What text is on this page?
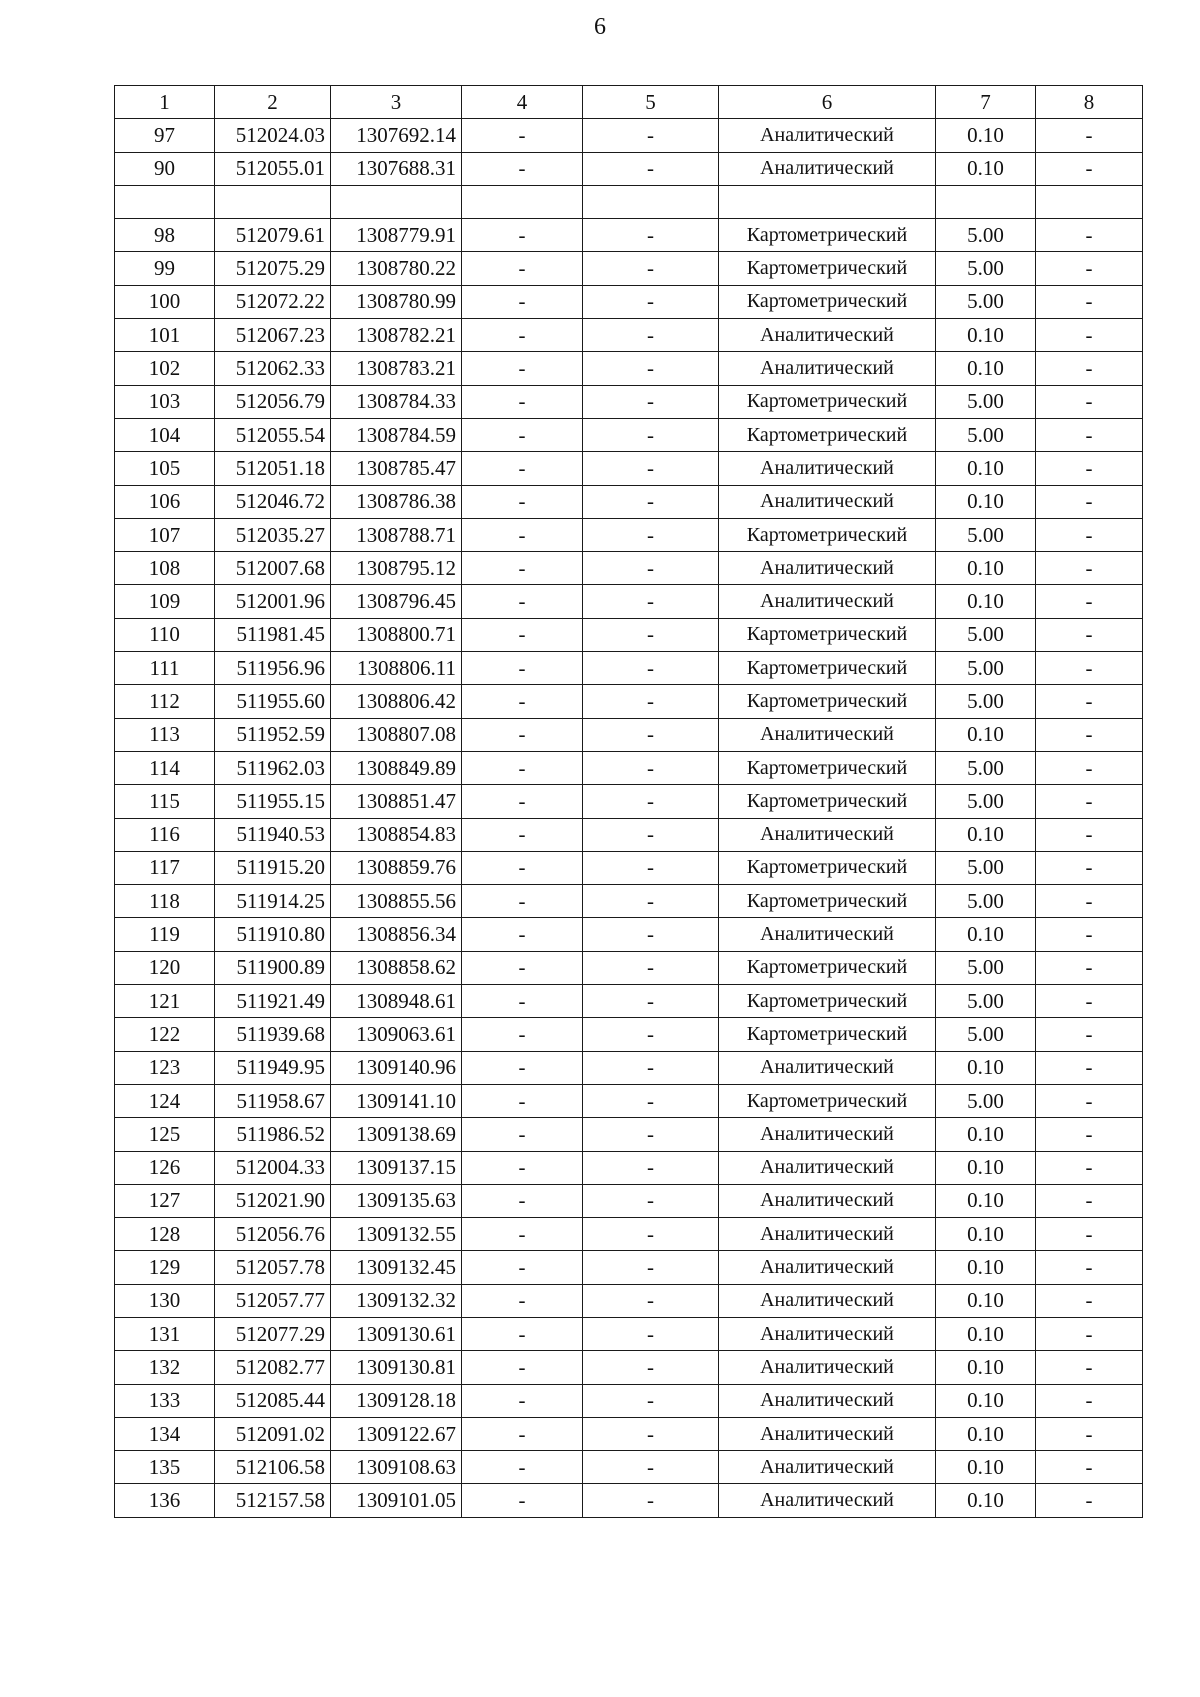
6
1	2	3	4	5	6	7	8
97	512024.03	1307692.14	-	-	Аналитический	0.10	-
90	512055.01	1307688.31	-	-	Аналитический	0.10	-

98	512079.61	1308779.91	-	-	Картометрический	5.00	-
99	512075.29	1308780.22	-	-	Картометрический	5.00	-
100	512072.22	1308780.99	-	-	Картометрический	5.00	-
101	512067.23	1308782.21	-	-	Аналитический	0.10	-
102	512062.33	1308783.21	-	-	Аналитический	0.10	-
103	512056.79	1308784.33	-	-	Картометрический	5.00	-
104	512055.54	1308784.59	-	-	Картометрический	5.00	-
105	512051.18	1308785.47	-	-	Аналитический	0.10	-
106	512046.72	1308786.38	-	-	Аналитический	0.10	-
107	512035.27	1308788.71	-	-	Картометрический	5.00	-
108	512007.68	1308795.12	-	-	Аналитический	0.10	-
109	512001.96	1308796.45	-	-	Аналитический	0.10	-
110	511981.45	1308800.71	-	-	Картометрический	5.00	-
111	511956.96	1308806.11	-	-	Картометрический	5.00	-
112	511955.60	1308806.42	-	-	Картометрический	5.00	-
113	511952.59	1308807.08	-	-	Аналитический	0.10	-
114	511962.03	1308849.89	-	-	Картометрический	5.00	-
115	511955.15	1308851.47	-	-	Картометрический	5.00	-
116	511940.53	1308854.83	-	-	Аналитический	0.10	-
117	511915.20	1308859.76	-	-	Картометрический	5.00	-
118	511914.25	1308855.56	-	-	Картометрический	5.00	-
119	511910.80	1308856.34	-	-	Аналитический	0.10	-
120	511900.89	1308858.62	-	-	Картометрический	5.00	-
121	511921.49	1308948.61	-	-	Картометрический	5.00	-
122	511939.68	1309063.61	-	-	Картометрический	5.00	-
123	511949.95	1309140.96	-	-	Аналитический	0.10	-
124	511958.67	1309141.10	-	-	Картометрический	5.00	-
125	511986.52	1309138.69	-	-	Аналитический	0.10	-
126	512004.33	1309137.15	-	-	Аналитический	0.10	-
127	512021.90	1309135.63	-	-	Аналитический	0.10	-
128	512056.76	1309132.55	-	-	Аналитический	0.10	-
129	512057.78	1309132.45	-	-	Аналитический	0.10	-
130	512057.77	1309132.32	-	-	Аналитический	0.10	-
131	512077.29	1309130.61	-	-	Аналитический	0.10	-
132	512082.77	1309130.81	-	-	Аналитический	0.10	-
133	512085.44	1309128.18	-	-	Аналитический	0.10	-
134	512091.02	1309122.67	-	-	Аналитический	0.10	-
135	512106.58	1309108.63	-	-	Аналитический	0.10	-
136	512157.58	1309101.05	-	-	Аналитический	0.10	-
